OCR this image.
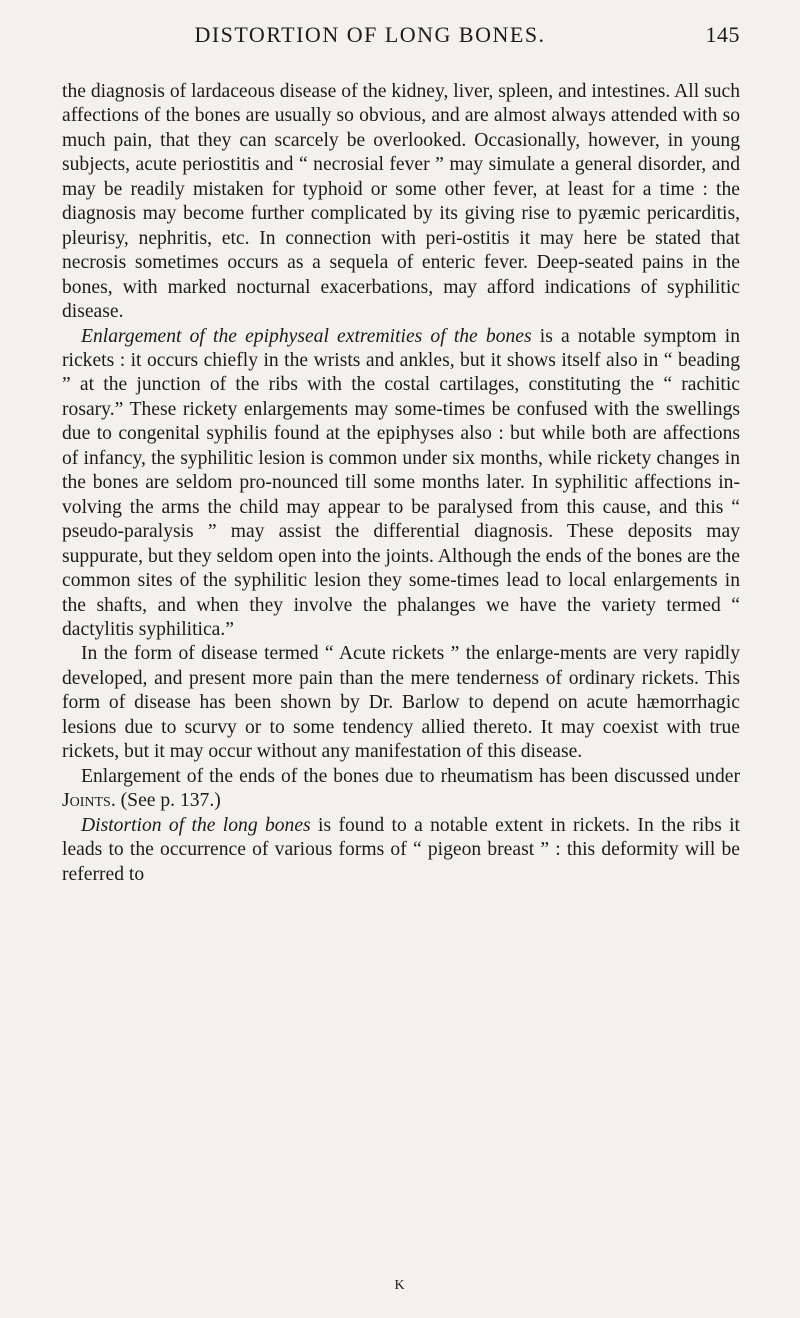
DISTORTION OF LONG BONES.	145

the diagnosis of lardaceous disease of the kidney, liver, spleen, and intestines. All such affections of the bones are usually so obvious, and are almost always attended with so much pain, that they can scarcely be overlooked. Occasionally, however, in young subjects, acute periostitis and “ necrosial fever ” may simulate a general disorder, and may be readily mistaken for typhoid or some other fever, at least for a time : the diagnosis may become further complicated by its giving rise to pyæmic pericarditis, pleurisy, nephritis, etc. In connection with peri-ostitis it may here be stated that necrosis sometimes occurs as a sequela of enteric fever. Deep-seated pains in the bones, with marked nocturnal exacerbations, may afford indications of syphilitic disease.

Enlargement of the epiphyseal extremities of the bones is a notable symptom in rickets : it occurs chiefly in the wrists and ankles, but it shows itself also in “ beading ” at the junction of the ribs with the costal cartilages, constituting the “ rachitic rosary.” These rickety enlargements may some-times be confused with the swellings due to congenital syphilis found at the epiphyses also : but while both are affections of infancy, the syphilitic lesion is common under six months, while rickety changes in the bones are seldom pro-nounced till some months later. In syphilitic affections in-volving the arms the child may appear to be paralysed from this cause, and this “ pseudo-paralysis ” may assist the differential diagnosis. These deposits may suppurate, but they seldom open into the joints. Although the ends of the bones are the common sites of the syphilitic lesion they some-times lead to local enlargements in the shafts, and when they involve the phalanges we have the variety termed “ dactylitis syphilitica.”

In the form of disease termed “ Acute rickets ” the enlarge-ments are very rapidly developed, and present more pain than the mere tenderness of ordinary rickets. This form of disease has been shown by Dr. Barlow to depend on acute hæmorrhagic lesions due to scurvy or to some tendency allied thereto. It may coexist with true rickets, but it may occur without any manifestation of this disease.

Enlargement of the ends of the bones due to rheumatism has been discussed under Joints. (See p. 137.)

Distortion of the long bones is found to a notable extent in rickets. In the ribs it leads to the occurrence of various forms of “ pigeon breast ” : this deformity will be referred to

K
